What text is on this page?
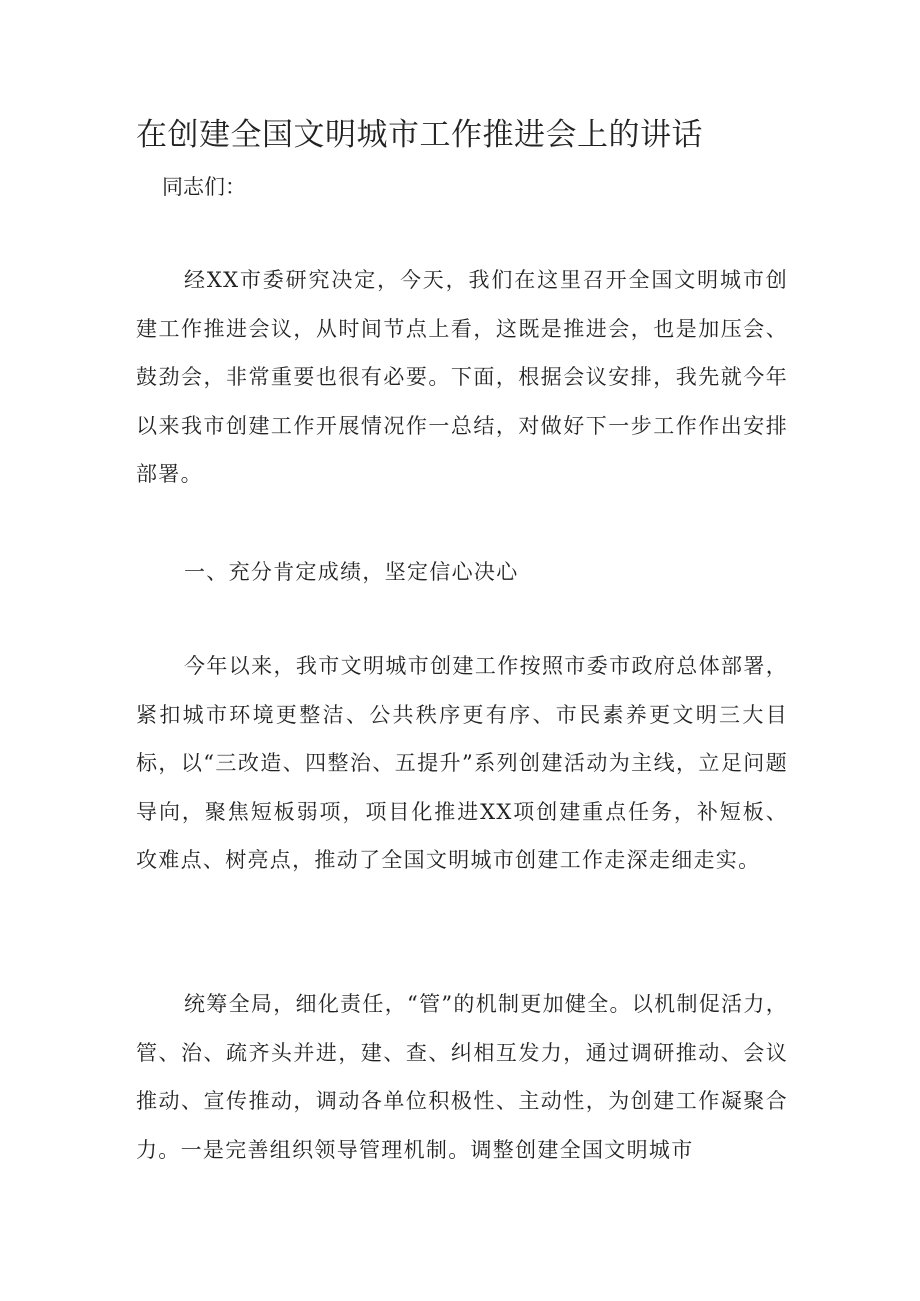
在创建全国文明城市工作推进会上的讲话

同志们：

经XX市委研究决定，今天，我们在这里召开全国文明城市创建工作推进会议，从时间节点上看，这既是推进会，也是加压会、鼓劲会，非常重要也很有必要。下面，根据会议安排，我先就今年以来我市创建工作开展情况作一总结，对做好下一步工作作出安排部署。

一、充分肯定成绩，坚定信心决心

今年以来，我市文明城市创建工作按照市委市政府总体部署，紧扣城市环境更整洁、公共秩序更有序、市民素养更文明三大目标，以“三改造、四整治、五提升”系列创建活动为主线，立足问题导向，聚焦短板弱项，项目化推进XX项创建重点任务，补短板、攻难点、树亮点，推动了全国文明城市创建工作走深走细走实。

统筹全局，细化责任，“管”的机制更加健全。以机制促活力，管、治、疏齐头并进，建、查、纠相互发力，通过调研推动、会议推动、宣传推动，调动各单位积极性、主动性，为创建工作凝聚合力。一是完善组织领导管理机制。调整创建全国文明城市
